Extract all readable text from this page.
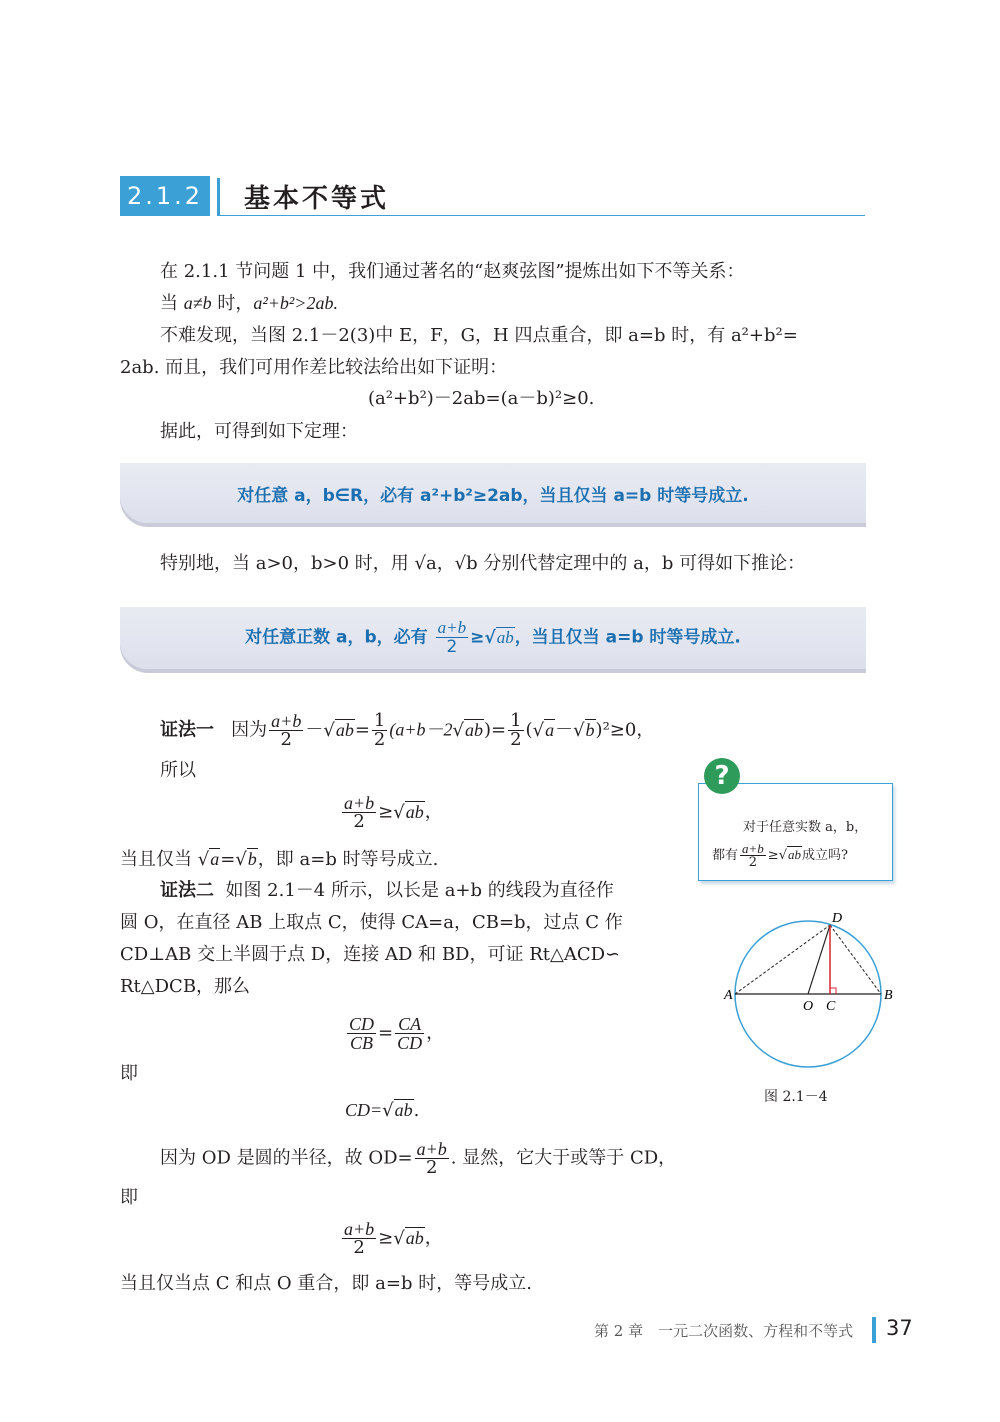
2.1.2 基本不等式
在 2.1.1 节问题 1 中，我们通过著名的“赵爽弦图”提炼出如下不等关系：
当 a≠b 时，a²+b²>2ab.
不难发现，当图 2.1－2(3)中 E，F，G，H 四点重合，即 a=b 时，有 a²+b²=
2ab. 而且，我们可用作差比较法给出如下证明：
(a²+b²)－2ab=(a－b)²≥0.
据此，可得到如下定理：
对任意 a，b∈R，必有 a²+b²≥2ab，当且仅当 a=b 时等号成立.
特别地，当 a>0，b>0 时，用 √a，√b 分别代替定理中的 a，b 可得如下推论：
对任意正数 a，b，必有 $\frac{a+b}{2} \ge√ab$，当且仅当 a=b 时等号成立.
证法一 因为 $\frac{a+b}{2} -√ab= \frac{1}{2} (a+b-2√ab)= \frac{1}{2} (√a-√b)^2\ge 0$，
所以
$\frac{a+b}{2} \ge√ab$，
当且仅当 √a=√b，即 a=b 时等号成立.
证法二 如图 2.1－4 所示，以长是 a+b 的线段为直径作
圆 O，在直径 AB 上取点 C，使得 CA=a，CB=b，过点 C 作
CD⊥AB 交上半圆于点 D，连接 AD 和 BD，可证 Rt△ACD∽
Rt△DCB，那么
$\frac{CD}{CB} = \frac{CA}{CD}$ ，
即
CD=√ab.
因为 OD 是圆的半径，故 $OD= \frac{a+b}{2}$ . 显然，它大于或等于 CD，
即
$\frac{a+b}{2} \ge√ab$，
当且仅当点 C 和点 O 重合，即 a=b 时，等号成立.
?
对于任意实数 a，b，
都有 $\frac{a+b}{2} \ge√ab$成立吗?
D
A	B
O C
图 2.1－4
第 2 章　一元二次函数、方程和不等式 37
